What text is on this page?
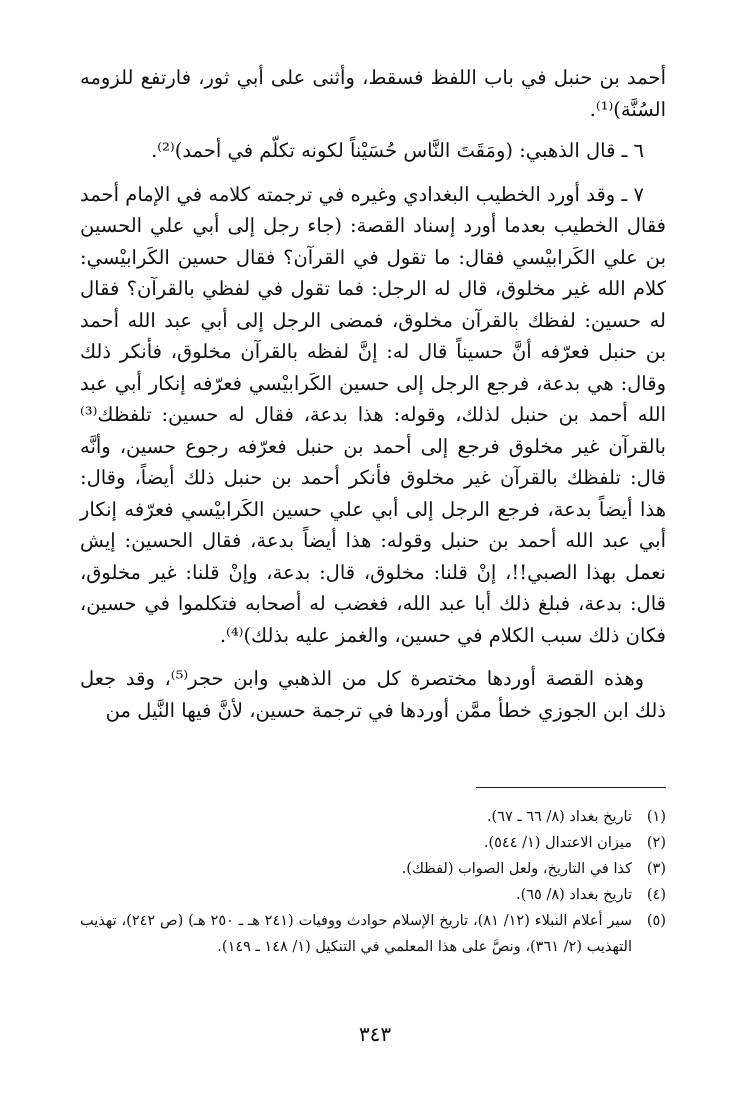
أحمد بن حنبل في باب اللفظ فسقط، وأثنى على أبي ثور، فارتفع للزومه السُنَّة)⁽¹⁾.

٦ ـ قال الذهبي: (ومَقَتَ النَّاس حُسَيْناً لكونه تكلّم في أحمد)⁽²⁾.

٧ ـ وقد أورد الخطيب البغدادي وغيره في ترجمته كلامه في الإمام أحمد فقال الخطيب بعدما أورد إسناد القصة: (جاء رجل إلى أبي علي الحسين بن علي الكَرابيْسي فقال: ما تقول في القرآن؟ فقال حسين الكَرابيْسي: كلام الله غير مخلوق، قال له الرجل: فما تقول في لفظي بالقرآن؟ فقال له حسين: لفظك بالقرآن مخلوق، فمضى الرجل إلى أبي عبد الله أحمد بن حنبل فعرّفه أنَّ حسيناً قال له: إنَّ لفظه بالقرآن مخلوق، فأنكر ذلك وقال: هي بدعة، فرجع الرجل إلى حسين الكَرابيْسي فعرّفه إنكار أبي عبد الله أحمد بن حنبل لذلك، وقوله: هذا بدعة، فقال له حسين: تلفظك⁽³⁾ بالقرآن غير مخلوق فرجع إلى أحمد بن حنبل فعرّفه رجوع حسين، وأنَّه قال: تلفظك بالقرآن غير مخلوق فأنكر أحمد بن حنبل ذلك أيضاً، وقال: هذا أيضاً بدعة، فرجع الرجل إلى أبي علي حسين الكَرابيْسي فعرّفه إنكار أبي عبد الله أحمد بن حنبل وقوله: هذا أيضاً بدعة، فقال الحسين: إيش نعمل بهذا الصبي!!، إنْ قلنا: مخلوق، قال: بدعة، وإنْ قلنا: غير مخلوق، قال: بدعة، فبلغ ذلك أبا عبد الله، فغضب له أصحابه فتكلموا في حسين، فكان ذلك سبب الكلام في حسين، والغمز عليه بذلك)⁽⁴⁾.

وهذه القصة أوردها مختصرة كل من الذهبي وابن حجر⁽⁵⁾، وقد جعل ذلك ابن الجوزي خطأ ممَّن أوردها في ترجمة حسين، لأنَّ فيها النَّيل من

(١)
تاريخ بغداد (٨/ ٦٦ ـ ٦٧).
(٢)
ميزان الاعتدال (١/ ٥٤٤).
(٣)
كذا في التاريخ، ولعل الصواب (لفظك).
(٤)
تاريخ بغداد (٨/ ٦٥).
(٥)
سير أعلام النبلاء (١٢/ ٨١)، تاريخ الإسلام حوادث ووفيات (٢٤١ هـ ـ ٢٥٠ هـ) (ص ٢٤٢)، تهذيب التهذيب (٢/ ٣٦١)، ونصَّ على هذا المعلمي في التنكيل (١/ ١٤٨ ـ ١٤٩).
٣٤٣
